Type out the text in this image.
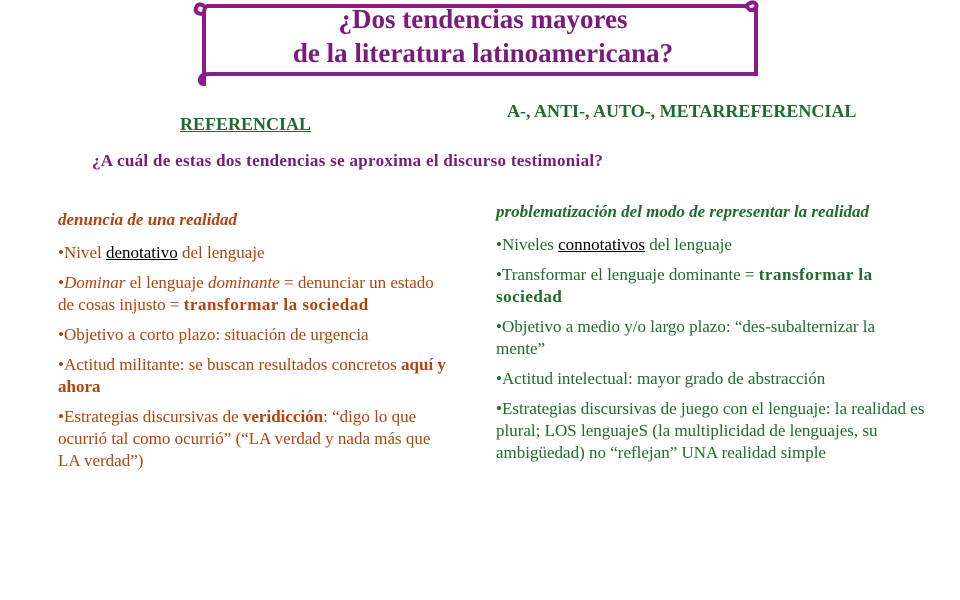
¿Dos tendencias mayores
de la literatura latinoamericana?
REFERENCIAL
A-, ANTI-, AUTO-, METARREFERENCIAL
¿A cuál de estas dos tendencias se aproxima el discurso testimonial?

denuncia de una realidad

•Nivel denotativo del lenguaje

•Dominar el lenguaje dominante = denunciar un estado de cosas injusto = transformar la sociedad

•Objetivo a corto plazo: situación de urgencia

•Actitud militante: se buscan resultados concretos aquí y ahora

•Estrategias discursivas de veridicción: “digo lo que ocurrió tal como ocurrió” (“LA verdad y nada más que LA verdad”)

problematización del modo de representar la realidad

•Niveles connotativos del lenguaje

•Transformar el lenguaje dominante = transformar la sociedad

•Objetivo a medio y/o largo plazo: “des-subalternizar la mente”

•Actitud intelectual: mayor grado de abstracción

•Estrategias discursivas de juego con el lenguaje: la realidad es plural; LOS lenguajeS (la multiplicidad de lenguajes, su ambigüedad) no “reflejan” UNA realidad simple
